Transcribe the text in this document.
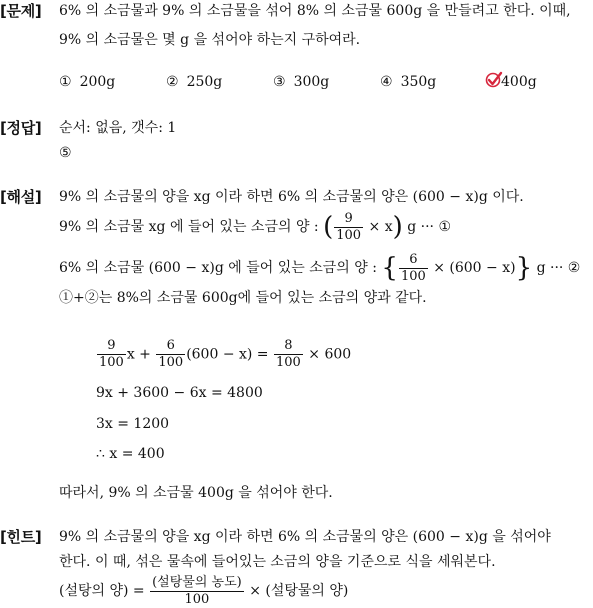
[문제] 6% 의 소금물과 9% 의 소금물을 섞어 8% 의 소금물 600g 을 만들려고 한다. 이때,
9% 의 소금물은 몇 g 을 섞어야 하는지 구하여라.
① 200g	② 250g	③ 300g	④ 350g	400g
[정답] 순서: 없음, 갯수: 1
⑤
[해설] 9% 의 소금물의 양을 xg 이라 하면 6% 의 소금물의 양은 (600 − x)g 이다.
9% 의 소금물 xg 에 들어 있는 소금의 양 : ( $\frac{9}{100} \times x$) g ··· ①
6% 의 소금물 (600 − x)g 에 들어 있는 소금의 양 : { $\frac{6}{100} \times (600 - x)$} g ··· ②
①+②는 8%의 소금물 600g에 들어 있는 소금의 양과 같다.
$\frac{9}{100}$ $x + \frac{6}{100} (600 - x) = \frac{8}{100} \times 600$
9x + 3600 − 6x = 4800
3x = 1200
∴ x = 400
따라서, 9% 의 소금물 400g 을 섞어야 한다.
[힌트] 9% 의 소금물의 양을 xg 이라 하면 6% 의 소금물의 양은 (600 − x)g 을 섞어야
한다. 이 때, 섞은 물속에 들어있는 소금의 양을 기준으로 식을 세워본다.
(설탕의 양) = $\frac{\text{(설탕물의 농도)}}{100}$ × (설탕물의 양)
